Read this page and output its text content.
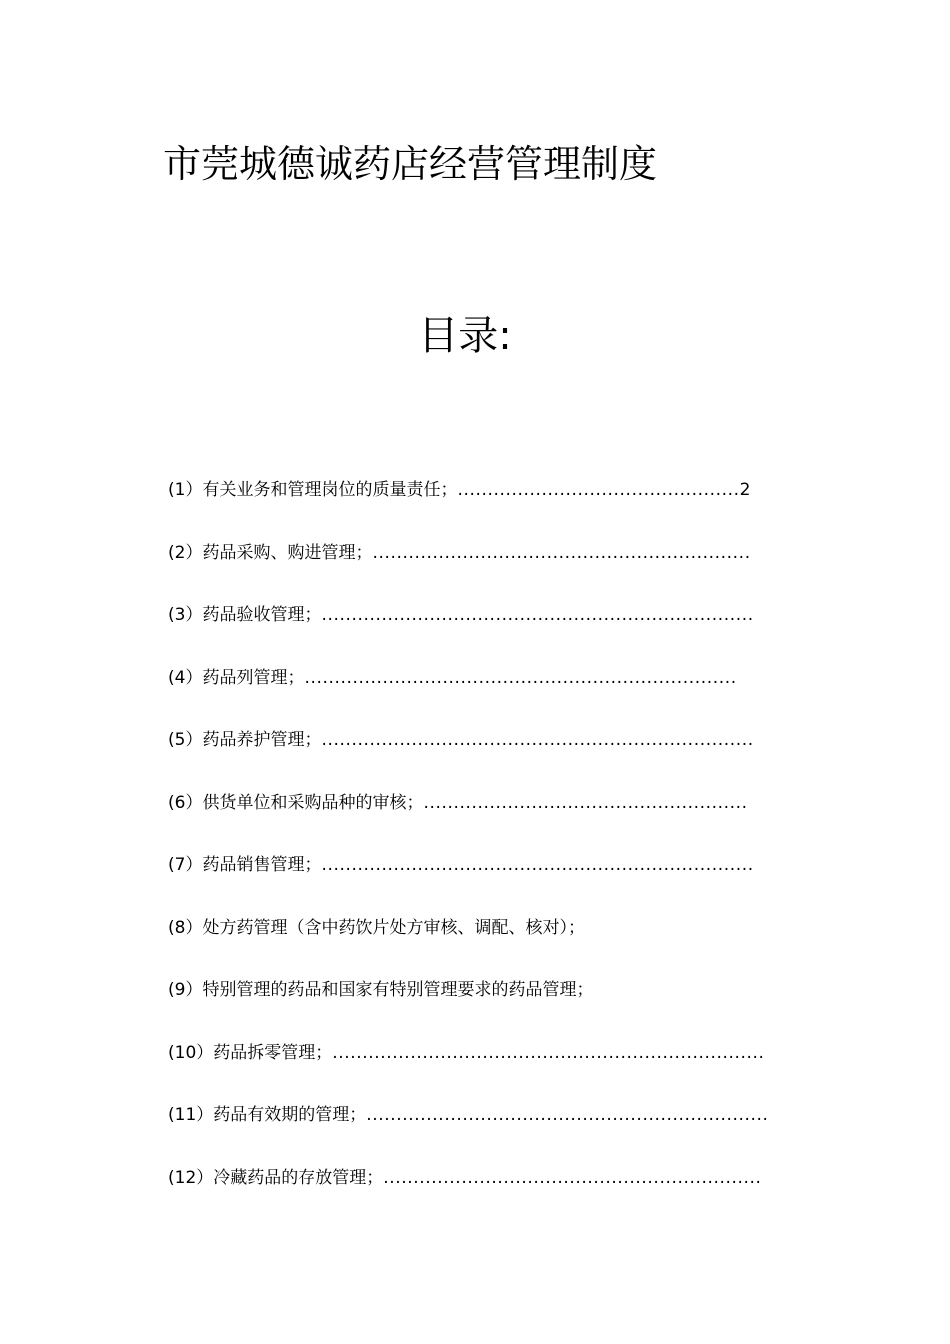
市莞城德诚药店经营管理制度
目录:
(1）有关业务和管理岗位的质量责任；...............................................2
(2）药品采购、购进管理；...............................................................
(3）药品验收管理；........................................................................
(4）药品列管理；........................................................................
(5）药品养护管理；........................................................................
(6）供货单位和采购品种的审核；......................................................
(7）药品销售管理；........................................................................
(8）处方药管理（含中药饮片处方审核、调配、核对）；
(9）特别管理的药品和国家有特别管理要求的药品管理；
(10）药品拆零管理；........................................................................
(11）药品有效期的管理；...................................................................
(12）冷藏药品的存放管理；...............................................................
